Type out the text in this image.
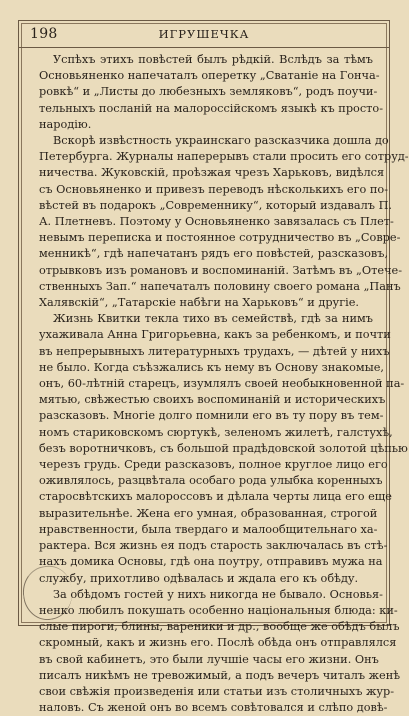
198	ИГРУШЕЧКА
Успѣхъ этихъ повѣстей былъ рѣдкій. Вслѣдъ за тѣмъ
Основьяненко напечаталъ оперетку „Сватаніе на Гонча-
ровкѣ“ и „Листы до любезныхъ земляковъ“, родъ поучи-
тельныхъ посланій на малороссійскомъ языкѣ къ просто-
народію.
Вскорѣ извѣстность украинскаго разсказчика дошла до
Петербурга. Журналы наперерывъ стали просить его сотруд-
ничества. Жуковскій, проѣзжая чрезъ Харьковъ, видѣлся
съ Основьяненко и привезъ переводъ нѣсколькихъ его по-
вѣстей въ подарокъ „Современнику“, который издавалъ П.
А. Плетневъ. Поэтому у Основьяненко завязалась съ Плет-
невымъ переписка и постоянное сотрудничество въ „Совре-
менникѣ“, гдѣ напечатанъ рядъ его повѣстей, разсказовъ,
отрывковъ изъ романовъ и воспоминаній. Затѣмъ въ „Отече-
ственныхъ Зап.“ напечаталъ половину своего романа „Панъ
Халявскій“, „Татарскіе набѣги на Харьковъ“ и другіе.
Жизнь Квитки текла тихо въ семействѣ, гдѣ за нимъ
ухаживала Анна Григорьевна, какъ за ребенкомъ, и почти
въ непрерывныхъ литературныхъ трудахъ, — дѣтей у нихъ
не было. Когда съѣзжались къ нему въ Основу знакомые,
онъ, 60-лѣтній старецъ, изумлялъ своей необыкновенной па-
мятью, свѣжестью своихъ воспоминаній и историческихъ
разсказовъ. Многіе долго помнили его въ ту пору въ тем-
номъ стариковскомъ сюртукѣ, зеленомъ жилетѣ, галстухѣ,
безъ воротничковъ, съ большой прадѣдовской золотой цѣпью
черезъ грудь. Среди разсказовъ, полное круглое лицо его
оживлялось, разцвѣтала особаго рода улыбка коренныхъ
старосвѣтскихъ малороссовъ и дѣлала черты лица его еще
выразительнѣе. Жена его умная, образованная, строгой
нравственности, была твердаго и малообщительнаго ха-
рактера. Вся жизнь ея подъ старость заключалась въ стѣ-
нахъ домика Основы, гдѣ она поутру, отправивъ мужа на
службу, прихотливо одѣвалась и ждала его къ обѣду.
За обѣдомъ гостей у нихъ никогда не бывало. Основья-
ненко любилъ покушать особенно національныя блюда: ки-
слые пироги, блины, вареники и др., вообще же обѣдъ былъ
скромный, какъ и жизнь его. Послѣ обѣда онъ отправлялся
въ свой кабинетъ, это были лучшіе часы его жизни. Онъ
писалъ никѣмъ не тревожимый, а подъ вечеръ читалъ женѣ
свои свѣжія произведенія или статьи изъ столичныхъ жур-
наловъ. Съ женой онъ во всемъ совѣтовался и слѣпо довѣ-
